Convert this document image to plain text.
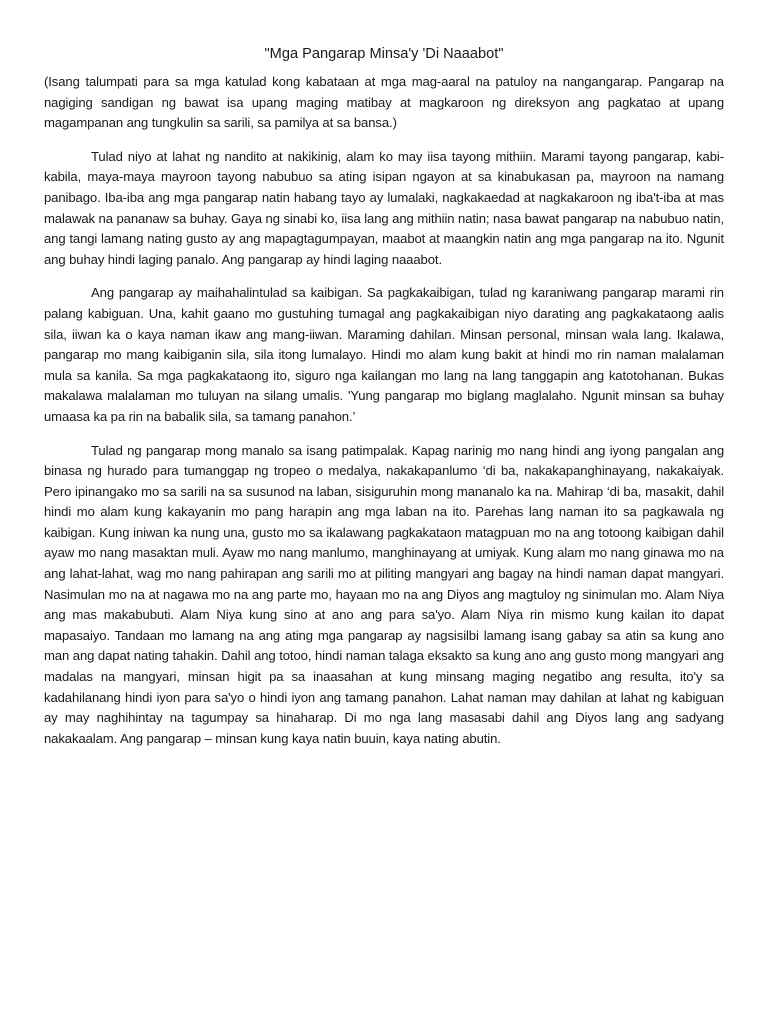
"Mga Pangarap Minsa'y 'Di Naaabot"

(Isang talumpati para sa mga katulad kong kabataan at mga mag-aaral na patuloy na nangangarap. Pangarap na nagiging sandigan ng bawat isa upang maging matibay at magkaroon ng direksyon ang pagkatao at upang magampanan ang tungkulin sa sarili, sa pamilya at sa bansa.)

Tulad niyo at lahat ng nandito at nakikinig, alam ko may iisa tayong mithiin. Marami tayong pangarap, kabi-kabila, maya-maya mayroon tayong nabubuo sa ating isipan ngayon at sa kinabukasan pa, mayroon na namang panibago. Iba-iba ang mga pangarap natin habang tayo ay lumalaki, nagkakaedad at nagkakaroon ng iba't-iba at mas malawak na pananaw sa buhay. Gaya ng sinabi ko, iisa lang ang mithiin natin; nasa bawat pangarap na nabubuo natin, ang tangi lamang nating gusto ay ang mapagtagumpayan, maabot at maangkin natin ang mga pangarap na ito. Ngunit ang buhay hindi laging panalo. Ang pangarap ay hindi laging naaabot.

Ang pangarap ay maihahalintulad sa kaibigan. Sa pagkakaibigan, tulad ng karaniwang pangarap marami rin palang kabiguan. Una, kahit gaano mo gustuhing tumagal ang pagkakaibigan niyo darating ang pagkakataong aalis sila, iiwan ka o kaya naman ikaw ang mang-iiwan. Maraming dahilan. Minsan personal, minsan wala lang. Ikalawa, pangarap mo mang kaibiganin sila, sila itong lumalayo. Hindi mo alam kung bakit at hindi mo rin naman malalaman mula sa kanila. Sa mga pagkakataong ito, siguro nga kailangan mo lang na lang tanggapin ang katotohanan. Bukas makalawa malalaman mo tuluyan na silang umalis. 'Yung pangarap mo biglang maglalaho. Ngunit minsan sa buhay umaasa ka pa rin na babalik sila, sa tamang panahon.’

Tulad ng pangarap mong manalo sa isang patimpalak. Kapag narinig mo nang hindi ang iyong pangalan ang binasa ng hurado para tumanggap ng tropeo o medalya, nakakapanlumo ‘di ba, nakakapanghinayang, nakakaiyak. Pero ipinangako mo sa sarili na sa susunod na laban, sisiguruhin mong mananalo ka na. Mahirap ‘di ba, masakit, dahil hindi mo alam kung kakayanin mo pang harapin ang mga laban na ito. Parehas lang naman ito sa pagkawala ng kaibigan. Kung iniwan ka nung una, gusto mo sa ikalawang pagkakataon matagpuan mo na ang totoong kaibigan dahil ayaw mo nang masaktan muli. Ayaw mo nang manlumo, manghinayang at umiyak. Kung alam mo nang ginawa mo na ang lahat-lahat, wag mo nang pahirapan ang sarili mo at piliting mangyari ang bagay na hindi naman dapat mangyari. Nasimulan mo na at nagawa mo na ang parte mo, hayaan mo na ang Diyos ang magtuloy ng sinimulan mo. Alam Niya ang mas makabubuti. Alam Niya kung sino at ano ang para sa'yo. Alam Niya rin mismo kung kailan ito dapat mapasaiyo. Tandaan mo lamang na ang ating mga pangarap ay nagsisilbi lamang isang gabay sa atin sa kung ano man ang dapat nating tahakin. Dahil ang totoo, hindi naman talaga eksakto sa kung ano ang gusto mong mangyari ang madalas na mangyari, minsan higit pa sa inaasahan at kung minsang maging negatibo ang resulta, ito'y sa kadahilanang hindi iyon para sa'yo o hindi iyon ang tamang panahon. Lahat naman may dahilan at lahat ng kabiguan ay may naghihintay na tagumpay sa hinaharap. Di mo nga lang masasabi dahil ang Diyos lang ang sadyang nakakaalam. Ang pangarap – minsan kung kaya natin buuin, kaya nating abutin.
